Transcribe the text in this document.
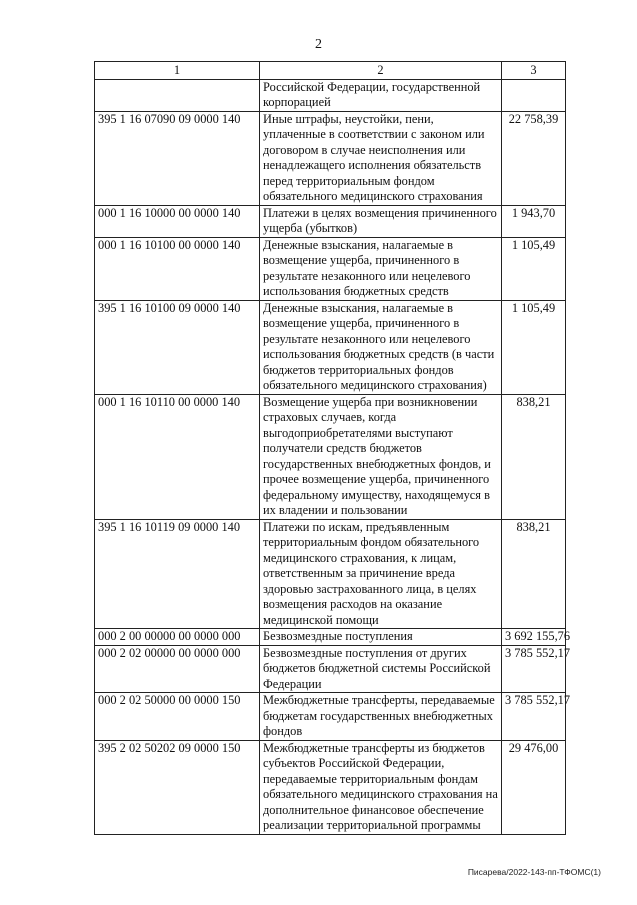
2
1	2	3
	Российской Федерации, государственной корпорацией	
395 1 16 07090 09 0000 140	Иные штрафы, неустойки, пени, уплаченные в соответствии с законом или договором в случае неисполнения или ненадлежащего исполнения обязательств перед территориальным фондом обязательного медицинского страхования	22 758,39
000 1 16 10000 00 0000 140	Платежи в целях возмещения причиненного ущерба (убытков)	1 943,70
000 1 16 10100 00 0000 140	Денежные взыскания, налагаемые в возмещение ущерба, причиненного в результате незаконного или нецелевого использования бюджетных средств	1 105,49
395 1 16 10100 09 0000 140	Денежные взыскания, налагаемые в возмещение ущерба, причиненного в результате незаконного или нецелевого использования бюджетных средств (в части бюджетов территориальных фондов обязательного медицинского страхования)	1 105,49
000 1 16 10110 00 0000 140	Возмещение ущерба при возникновении страховых случаев, когда выгодоприобретателями выступают получатели средств бюджетов государственных внебюджетных фондов, и прочее возмещение ущерба, причиненного федеральному имуществу, находящемуся в их владении и пользовании	838,21
395 1 16 10119 09 0000 140	Платежи по искам, предъявленным территориальным фондом обязательного медицинского страхования, к лицам, ответственным за причинение вреда здоровью застрахованного лица, в целях возмещения расходов на оказание медицинской помощи	838,21
000 2 00 00000 00 0000 000	Безвозмездные поступления	3 692 155,76
000 2 02 00000 00 0000 000	Безвозмездные поступления от других бюджетов бюджетной системы Российской Федерации	3 785 552,17
000 2 02 50000 00 0000 150	Межбюджетные трансферты, передаваемые бюджетам государственных внебюджетных фондов	3 785 552,17
395 2 02 50202 09 0000 150	Межбюджетные трансферты из бюджетов субъектов Российской Федерации, передаваемые территориальным фондам обязательного медицинского страхования на дополнительное финансовое обеспечение реализации территориальной программы	29 476,00
Писарева/2022-143-пп-ТФОМС(1)
